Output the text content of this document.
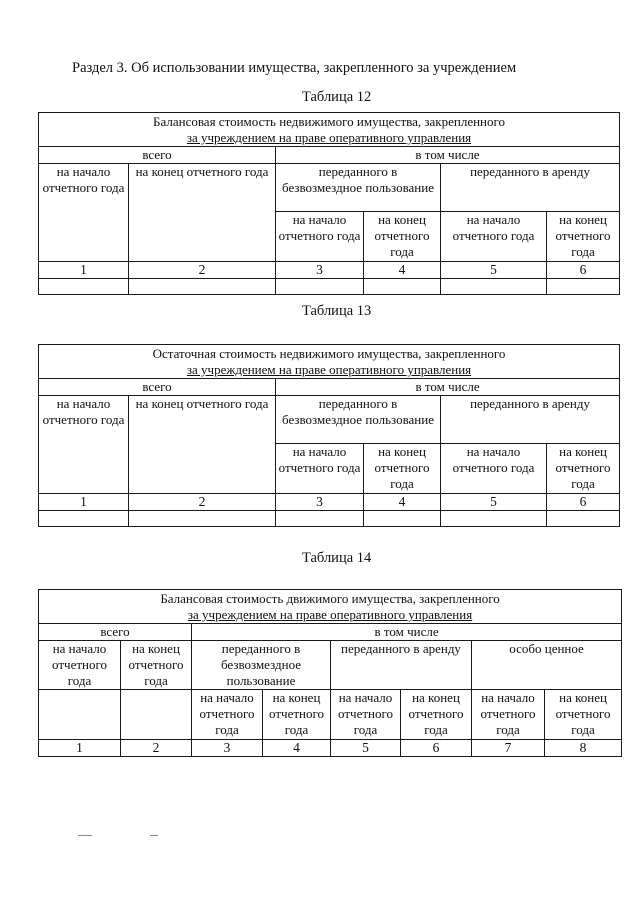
Раздел 3. Об использовании имущества, закрепленного за учреждением
Таблица 12
Балансовая стоимость недвижимого имущества, закрепленного
за учреждением на праве оперативного управления					

всего		в том числе			
на начало отчетного года	на конец отчетного года	переданного в безвозмездное пользование		переданного в аренду	
		на начало отчетного года	на конец отчетного года	на начало отчетного года	на конец отчетного года
1	2	3	4	5	6

Таблица 13
Остаточная стоимость недвижимого имущества, закрепленного
за учреждением на праве оперативного управления					

всего		в том числе			
на начало отчетного года	на конец отчетного года	переданного в безвозмездное пользование		переданного в аренду	
		на начало отчетного года	на конец отчетного года	на начало отчетного года	на конец отчетного года
1	2	3	4	5	6

Таблица 14
Балансовая стоимость движимого имущества, закрепленного
за учреждением на праве оперативного управления							

всего		в том числе					
на начало отчетного года	на конец отчетного года	переданного в безвозмездное пользование		переданного в аренду		особо ценное	
		на начало отчетного года	на конец отчетного года	на начало отчетного года	на конец отчетного года	на начало отчетного года	на конец отчетного года
1	2	3	4	5	6	7	8
